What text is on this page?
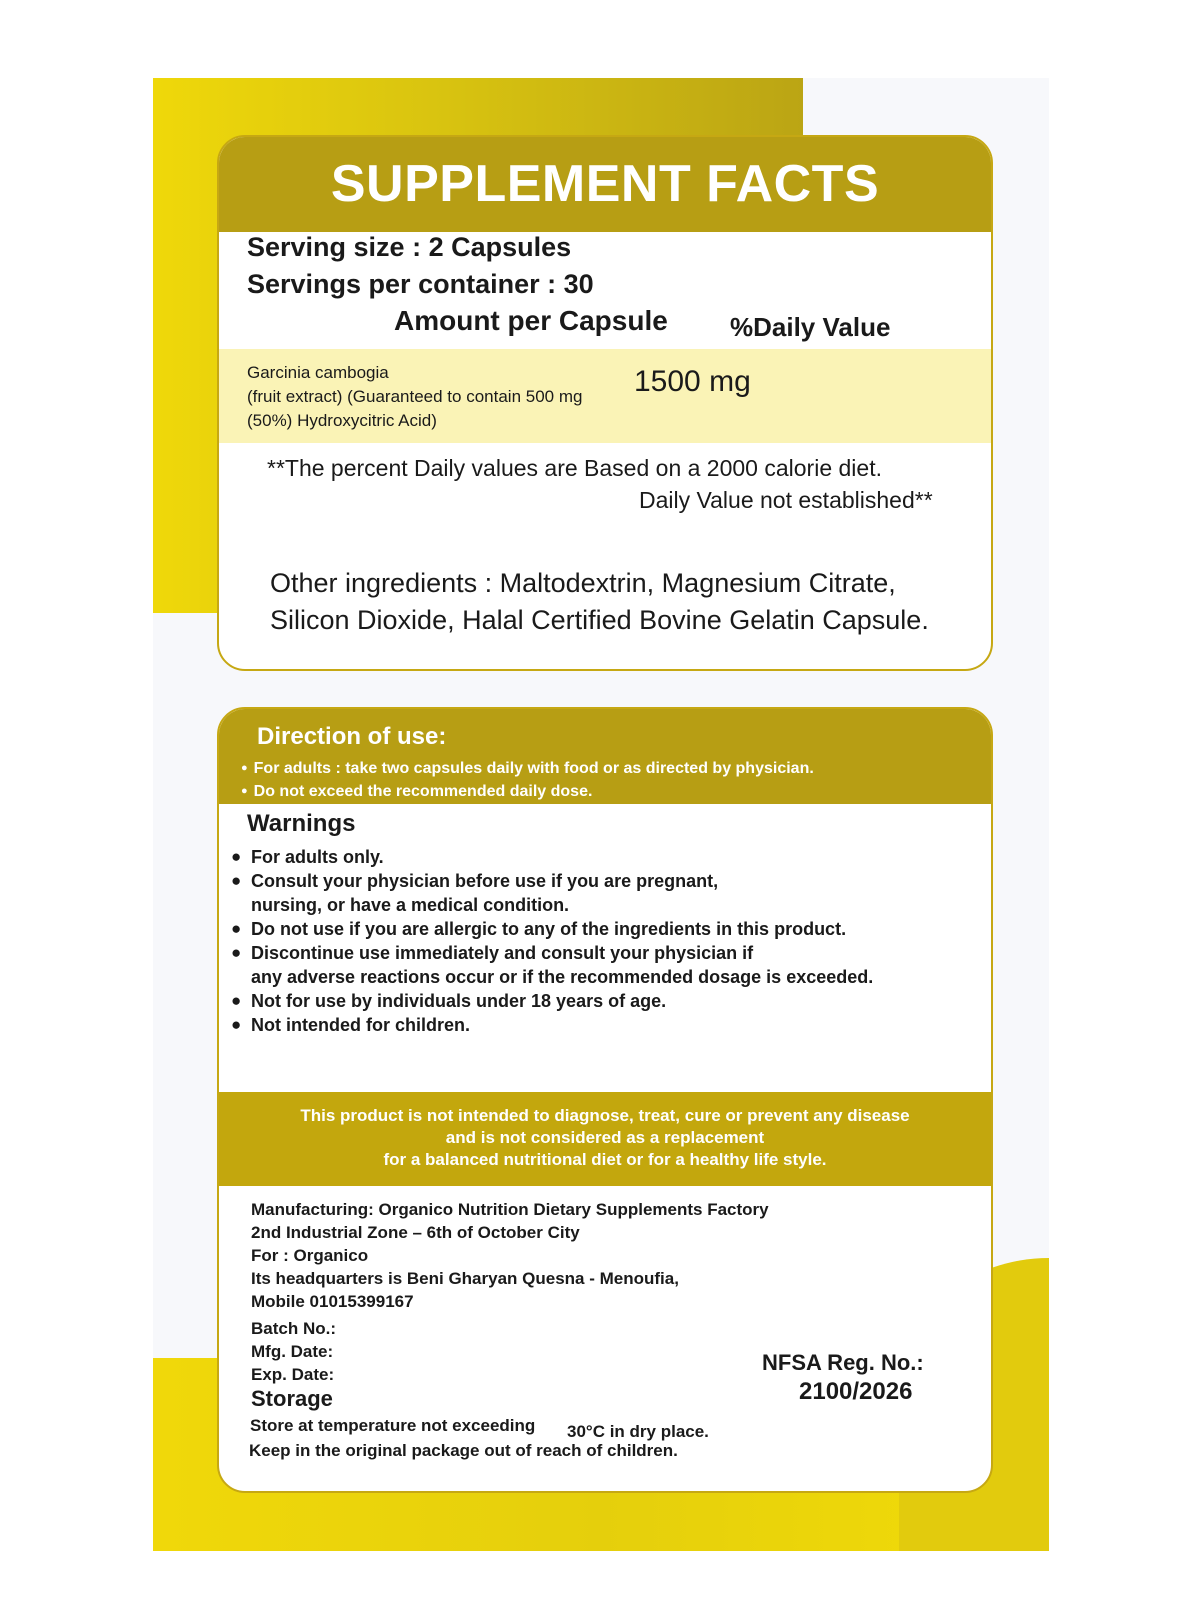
SUPPLEMENT FACTS
Serving size : 2 Capsules
Servings per container : 30
Amount per Capsule %Daily Value
Garcinia cambogia
(fruit extract) (Guaranteed to contain 500 mg
(50%) Hydroxycitric Acid)
1500 mg
**The percent Daily values are Based on a 2000 calorie diet.
Daily Value not established**
Other ingredients : Maltodextrin, Magnesium Citrate,
Silicon Dioxide, Halal Certified Bovine Gelatin Capsule.
Direction of use:
● For adults : take two capsules daily with food or as directed by physician.
● Do not exceed the recommended daily dose.
Warnings
● For adults only.
● Consult your physician before use if you are pregnant,
nursing, or have a medical condition.
● Do not use if you are allergic to any of the ingredients in this product.
● Discontinue use immediately and consult your physician if
any adverse reactions occur or if the recommended dosage is exceeded.
● Not for use by individuals under 18 years of age.
● Not intended for children.
This product is not intended to diagnose, treat, cure or prevent any disease
and is not considered as a replacement
for a balanced nutritional diet or for a healthy life style.
Manufacturing: Organico Nutrition Dietary Supplements Factory
2nd Industrial Zone – 6th of October City
For : Organico
Its headquarters is Beni Gharyan Quesna - Menoufia,
Mobile 01015399167
Batch No.:
Mfg. Date:
Exp. Date:	NFSA Reg. No.:
2100/2026
Storage
Store at temperature not exceeding 30°C in dry place.
Keep in the original package out of reach of children.
